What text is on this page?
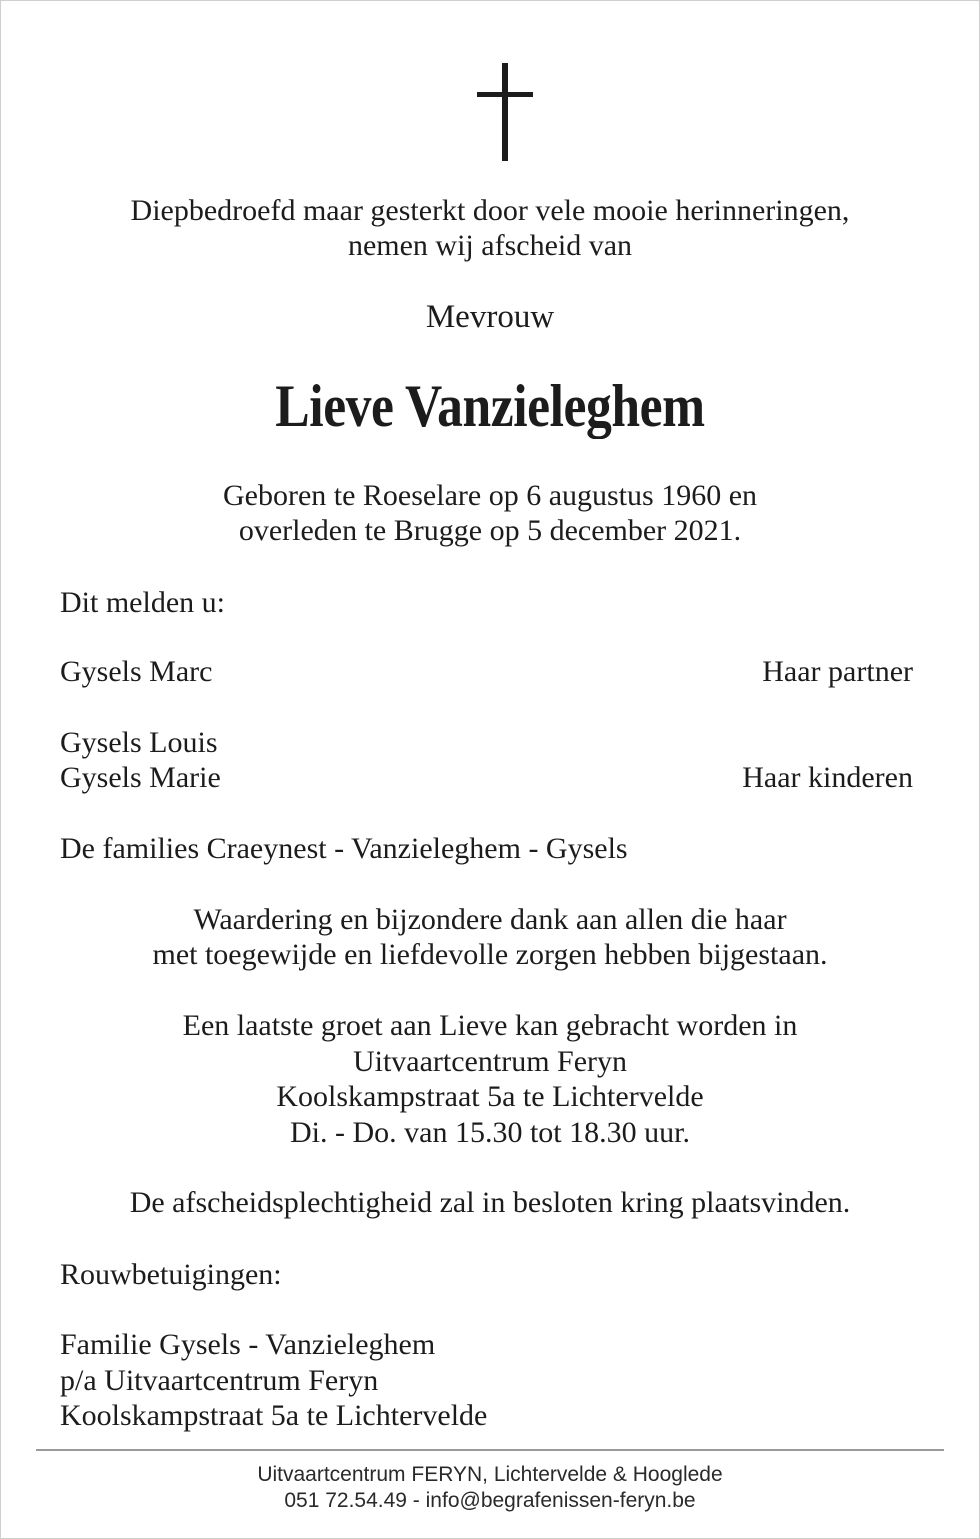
Diepbedroefd maar gesterkt door vele mooie herinneringen,
nemen wij afscheid van
Mevrouw
Lieve Vanzieleghem
Geboren te Roeselare op 6 augustus 1960 en
overleden te Brugge op 5 december 2021.
Dit melden u:
Gysels Marc	Haar partner
Gysels Louis
Gysels Marie	Haar kinderen
De families Craeynest - Vanzieleghem - Gysels
Waardering en bijzondere dank aan allen die haar
met toegewijde en liefdevolle zorgen hebben bijgestaan.
Een laatste groet aan Lieve kan gebracht worden in
Uitvaartcentrum Feryn
Koolskampstraat 5a te Lichtervelde
Di. - Do. van 15.30 tot 18.30 uur.
De afscheidsplechtigheid zal in besloten kring plaatsvinden.
Rouwbetuigingen:
Familie Gysels - Vanzieleghem
p/a Uitvaartcentrum Feryn
Koolskampstraat 5a te Lichtervelde
Uitvaartcentrum FERYN, Lichtervelde & Hooglede
051 72.54.49 - info@begrafenissen-feryn.be
